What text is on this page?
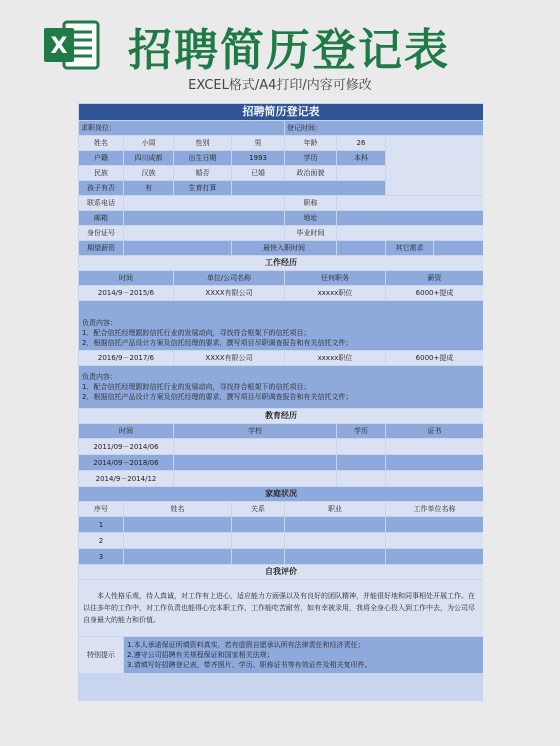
X 招聘简历登记表
EXCEL格式/A4打印/内容可修改
招聘简历登记表							
求职岗位：				登记时间：			
姓名	小周	性别	男	年龄	26		
户籍	四川成都	出生日期	1993	学历	本科		
民族	汉族	婚否	已婚	政治面貌			
孩子有否	有	生育打算					
联系电话				职称			
邮箱				地址			
身份证号				毕业时间			
期望薪资			最快入职时间			其它需求	
工作经历							
时间		单位/公司名称		任何职务		薪资	
2014/9－2015/6		XXXX有限公司		xxxxx职位		6000+提成	

负责内容：
1．配合信托经理跟踪信托行业的发展动向，寻找符合框架下的信托项目；
2．根据信托产品设计方案及信托经理的要求，撰写项目尽职调查报告和有关信托文件；							

2016/9－2017/6		XXXX有限公司		xxxxx职位		6000+提成	

负责内容：
1．配合信托经理跟踪信托行业的发展动向，寻找符合框架下的信托项目；
2．根据信托产品设计方案及信托经理的要求，撰写项目尽职调查报告和有关信托文件；							

教育经历							
时间		学校			学历	证书	
2011/09－2014/06							
2014/09－2018/06							
2014/9－2014/12							
家庭状况							
序号	姓名		关系	职业		工作单位名称	
1							
2							
3							
自我评价							
本人性格乐观，待人真诚，对工作有上进心，适应能力方面强以及有良好的团队精神，并能很好地和同事相处开展工作。在以往多年的工作中，对工作负责也能得心完本职工作，工作能吃苦耐劳，如有幸被录用，我将全身心投入到工作中去，为公司尽自身最大的能力和价值。							
特别提示	1.本人承诺保证所填资料真实，若有虚假自愿承认所有法律责任和经济责任；
2.遵守公司招聘有关规程保证和国家相关法规；
3.请填写好招聘登记表，带齐照片、学历、职称证书等有效证件及相关复印件。						
